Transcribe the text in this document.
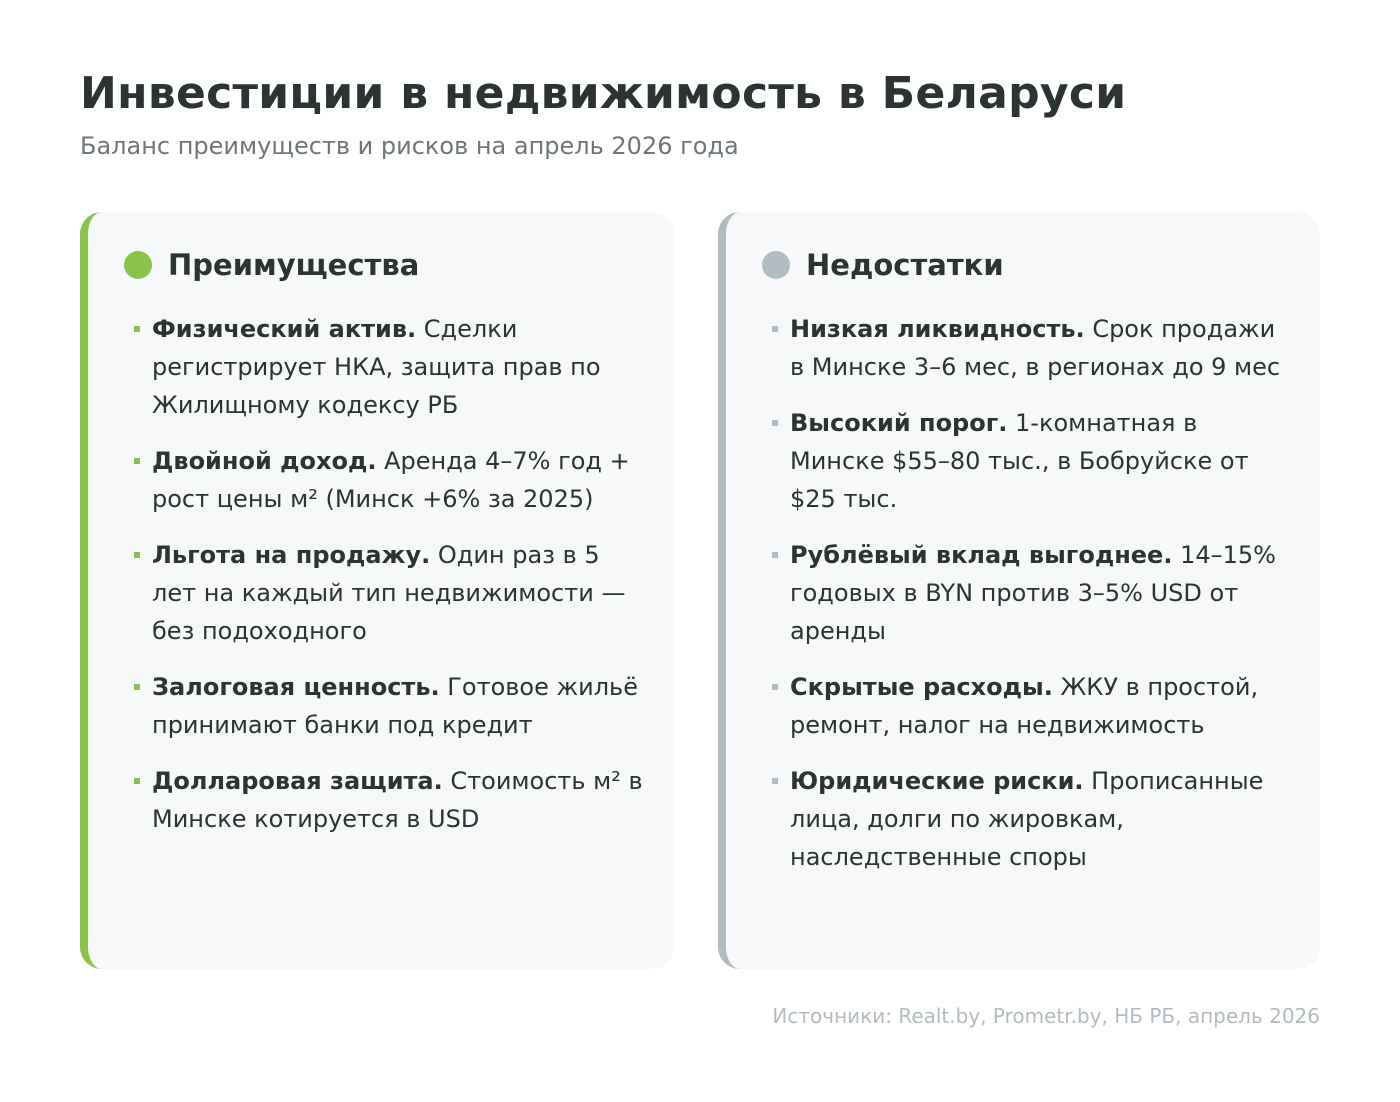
Инвестиции в недвижимость в Беларуси
Баланс преимуществ и рисков на апрель 2026 года
Преимущества
Физический актив. Сделки регистрирует НКА, защита прав по Жилищному кодексу РБ
Двойной доход. Аренда 4–7% год + рост цены м² (Минск +6% за 2025)
Льгота на продажу. Один раз в 5 лет на каждый тип недвижимости — без подоходного
Залоговая ценность. Готовое жильё принимают банки под кредит
Долларовая защита. Стоимость м² в Минске котируется в USD
Недостатки
Низкая ликвидность. Срок продажи в Минске 3–6 мес, в регионах до 9 мес
Высокий порог. 1-комнатная в Минске $55–80 тыс., в Бобруйске от $25 тыс.
Рублёвый вклад выгоднее. 14–15% годовых в BYN против 3–5% USD от аренды
Скрытые расходы. ЖКУ в простой, ремонт, налог на недвижимость
Юридические риски. Прописанные лица, долги по жировкам, наследственные споры
Источники: Realt.by, Prometr.by, НБ РБ, апрель 2026
